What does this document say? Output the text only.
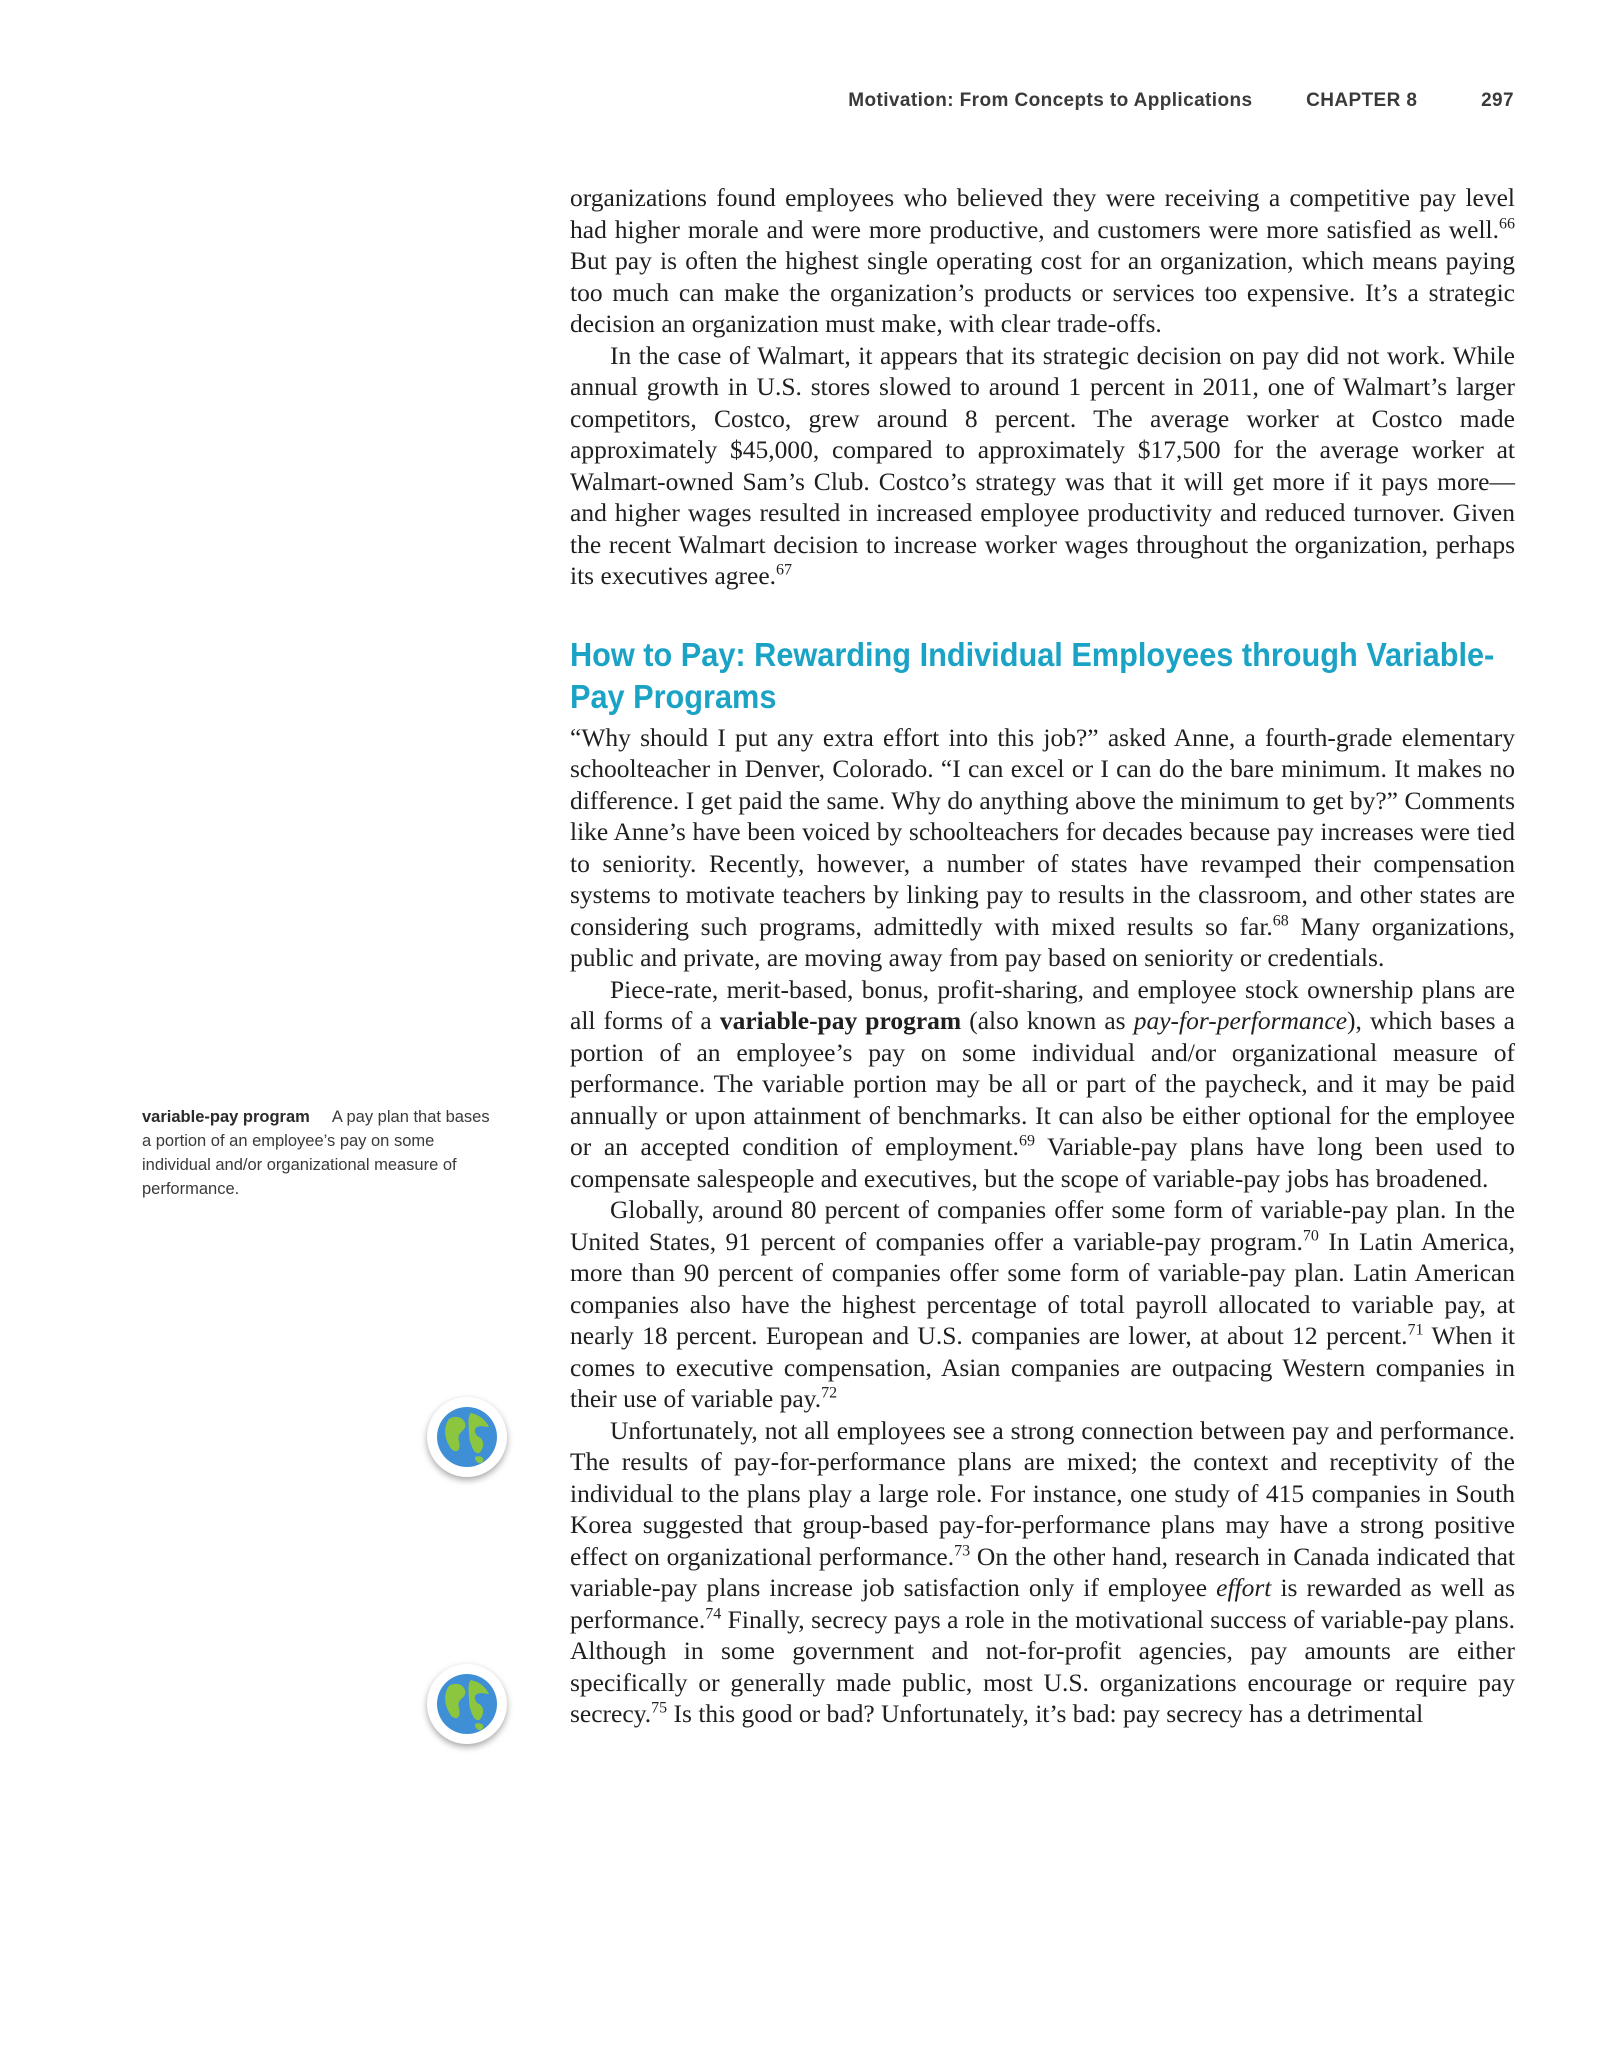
Motivation: From Concepts to Applications	CHAPTER 8	297

organizations found employees who believed they were receiving a competitive pay level had higher morale and were more productive, and customers were more satisfied as well.$^{66}$ But pay is often the highest single operating cost for an organization, which means paying too much can make the organization’s products or services too expensive. It’s a strategic decision an organization must make, with clear trade-offs.

In the case of Walmart, it appears that its strategic decision on pay did not work. While annual growth in U.S. stores slowed to around 1 percent in 2011, one of Walmart’s larger competitors, Costco, grew around 8 percent. The average worker at Costco made approximately $45,000, compared to approximately $17,500 for the average worker at Walmart-owned Sam’s Club. Costco’s strategy was that it will get more if it pays more—and higher wages resulted in increased employee productivity and reduced turnover. Given the recent Walmart decision to increase worker wages throughout the organization, perhaps its executives agree.$^{67}$

How to Pay: Rewarding Individual Employees through Variable-Pay Programs

“Why should I put any extra effort into this job?” asked Anne, a fourth-grade elementary schoolteacher in Denver, Colorado. “I can excel or I can do the bare minimum. It makes no difference. I get paid the same. Why do anything above the minimum to get by?” Comments like Anne’s have been voiced by schoolteachers for decades because pay increases were tied to seniority. Recently, however, a number of states have revamped their compensation systems to motivate teachers by linking pay to results in the classroom, and other states are considering such programs, admittedly with mixed results so far.$^{68}$ Many organizations, public and private, are moving away from pay based on seniority or credentials.

Piece-rate, merit-based, bonus, profit-sharing, and employee stock ownership plans are all forms of a variable-pay program (also known as pay-for-performance), which bases a portion of an employee’s pay on some individual and/or organizational measure of performance. The variable portion may be all or part of the paycheck, and it may be paid annually or upon attainment of benchmarks. It can also be either optional for the employee or an accepted condition of employment.$^{69}$ Variable-pay plans have long been used to compensate salespeople and executives, but the scope of variable-pay jobs has broadened.

Globally, around 80 percent of companies offer some form of variable-pay plan. In the United States, 91 percent of companies offer a variable-pay program.$^{70}$ In Latin America, more than 90 percent of companies offer some form of variable-pay plan. Latin American companies also have the highest percentage of total payroll allocated to variable pay, at nearly 18 percent. European and U.S. companies are lower, at about 12 percent.$^{71}$ When it comes to executive compensation, Asian companies are outpacing Western companies in their use of variable pay.$^{72}$

Unfortunately, not all employees see a strong connection between pay and performance. The results of pay-for-performance plans are mixed; the context and receptivity of the individual to the plans play a large role. For instance, one study of 415 companies in South Korea suggested that group-based pay-for-performance plans may have a strong positive effect on organizational performance.$^{73}$ On the other hand, research in Canada indicated that variable-pay plans increase job satisfaction only if employee effort is rewarded as well as performance.$^{74}$ Finally, secrecy pays a role in the motivational success of variable-pay plans. Although in some government and not-for-profit agencies, pay amounts are either specifically or generally made public, most U.S. organizations encourage or require pay secrecy.$^{75}$ Is this good or bad? Unfortunately, it’s bad: pay secrecy has a detrimental

variable-pay program A pay plan that bases a portion of an employee’s pay on some individual and/or organizational measure of performance.
